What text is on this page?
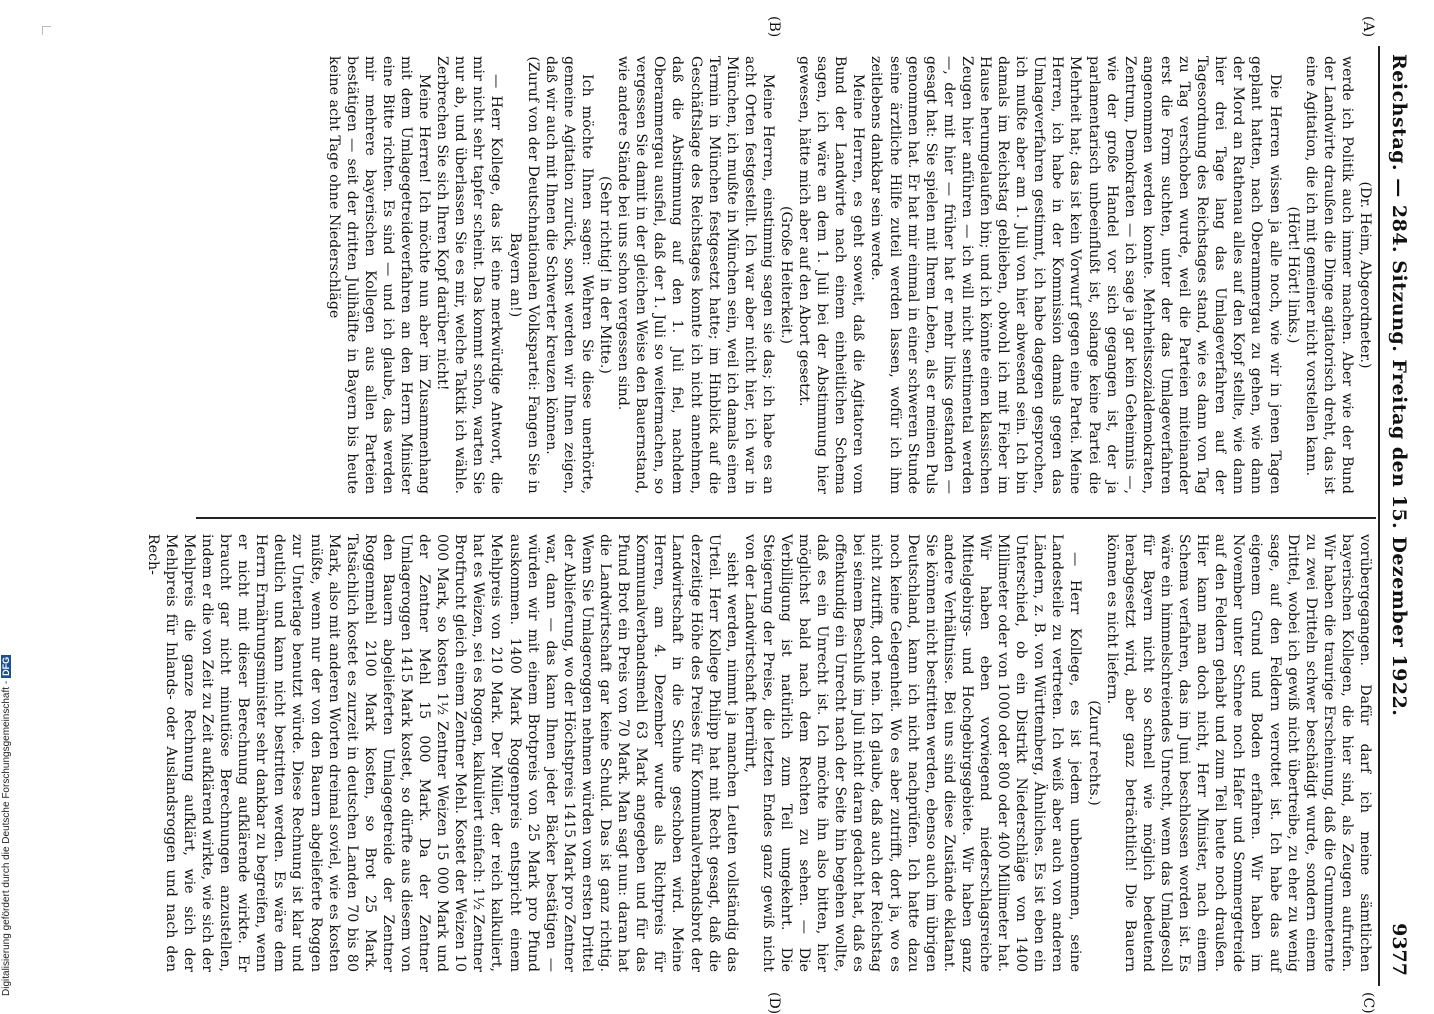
Reichstag. — 284. Sitzung. Freitag den 15. Dezember 1922.
9377
(A)
(B)
(C)
(D)

(Dr. Heim, Abgeordneter.)

werde ich Politik auch immer machen. Aber wie der Bund der Landwirte draußen die Dinge agitatorisch dreht, das ist eine Agitation, die ich mit gemeiner nicht vorstellen kann.

(Hört! Hört! links.)

Die Herren wissen ja alle noch, wie wir in jenen Tagen geplant hatten, nach Oberammergau zu gehen, wie dann der Mord an Rathenau alles auf den Kopf stellte, wie dann hier drei Tage lang das Umlageverfahren auf der Tagesordnung des Reichstages stand, wie es dann von Tag zu Tag verschoben wurde, weil die Parteien miteinander erst die Form suchten, unter der das Umlageverfahren angenommen werden konnte. Mehrheitssozialdemokraten, Zentrum, Demokraten — ich sage ja gar kein Geheimnis —, wie der große Handel vor sich gegangen ist, der ja parlamentarisch unbeeinflußt ist, solange keine Partei die Mehrheit hat; das ist kein Vorwurf gegen eine Partei. Meine Herren, ich habe in der Kommission damals gegen das Umlageverfahren gestimmt, ich habe dagegen gesprochen, ich mußte aber am 1. Juli von hier abwesend sein. Ich bin damals im Reichstag geblieben, obwohl ich mit Fieber im Hause herumgelaufen bin; und ich könnte einen klassischen Zeugen hier anführen — ich will nicht sentimental werden —, der mit hier — früher hat er mehr links gestanden — gesagt hat: Sie spielen mit Ihrem Leben, als er meinen Puls genommen hat. Er hat mir einmal in einer schweren Stunde seine ärztliche Hilfe zuteil werden lassen, wofür ich ihm zeitlebens dankbar sein werde.

Meine Herren, es geht soweit, daß die Agitatoren vom Bund der Landwirte nach einem einheitlichen Schema sagen, ich wäre an dem 1. Juli bei der Abstimmung hier gewesen, hätte mich aber auf den Abort gesetzt.

(Große Heiterkeit.)

Meine Herren, einstimmig sagen sie das; ich habe es an acht Orten festgestellt. Ich war aber nicht hier, ich war in München, ich mußte in München sein, weil ich damals einen Termin in München festgesetzt hatte; im Hinblick auf die Geschäftslage des Reichstages konnte ich nicht annehmen, daß die Abstimmung auf den 1. Juli fiel, nachdem Oberammergau ausfiel, daß der 1. Juli so weitermachen, so vergessen Sie damit in der gleichen Weise den Bauernstand, wie andere Stände bei uns schon vergessen sind.

(Sehr richtig! in der Mitte.)

Ich möchte Ihnen sagen: Wehren Sie diese unerhörte, gemeine Agitation zurück, sonst werden wir Ihnen zeigen, daß wir auch mit Ihnen die Schwerter kreuzen können.

(Zuruf von der Deutschnationalen Volkspartei: Fangen Sie in Bayern an!)

— Herr Kollege, das ist eine merkwürdige Antwort, die mir nicht sehr tapfer scheint. Das kommt schon, warten Sie nur ab, und überlassen Sie es mir, welche Taktik ich wähle. Zerbrechen Sie sich Ihren Kopf darüber nicht!

Meine Herren! Ich möchte nun aber im Zusammenhang mit dem Umlagegetreideverfahren an den Herrn Minister eine Bitte richten. Es sind — und ich glaube, das werden mir mehrere bayerischen Kollegen aus allen Parteien bestätigen — seit der dritten Julihälfte in Bayern bis heute keine acht Tage ohne Niederschläge

vorübergegangen. Dafür darf ich meine sämtlichen bayerischen Kollegen, die hier sind, als Zeugen aufrufen. Wir haben die traurige Erscheinung, daß die Grummeternte zu zwei Dritteln schwer beschädigt wurde, sondern einem Drittel, wobei ich gewiß nicht übertreibe, zu eher zu wenig sage, auf den Feldern verrottet ist. Ich habe das auf eigenem Grund und Boden erfahren. Wir haben im November unter Schnee noch Hafer und Sommergetreide auf den Feldern gehabt und zum Teil heute noch draußen. Hier kann man doch nicht, Herr Minister, nach einem Schema verfahren, das im Juni beschlossen worden ist. Es wäre ein himmelschreiendes Unrecht, wenn das Umlagesoll für Bayern nicht so schnell wie möglich bedeutend herabgesetzt wird, aber ganz beträchtlich! Die Bauern können es nicht liefern.

(Zuruf rechts.)

— Herr Kollege, es ist jedem unbenommen, seine Landesteile zu vertreten. Ich weiß aber auch von anderen Ländern, z. B. von Württemberg, Ähnliches. Es ist eben ein Unterschied, ob ein Distrikt Niederschläge von 1400 Millimeter oder von 1000 oder 800 oder 400 Millimeter hat. Wir haben eben vorwiegend niederschlagsreiche Mittelgebirgs- und Hochgebirgsgebiete. Wir haben ganz andere Verhältnisse. Bei uns sind diese Zustände eklatant. Sie können nicht bestritten werden, ebenso auch im übrigen Deutschland, kann ich nicht nachprüfen. Ich hatte dazu noch keine Gelegenheit. Wo es aber zutrifft, dort ja, wo es nicht zutrifft, dort nein. Ich glaube, daß auch der Reichstag bei seinem Beschluß im Juli nicht daran gedacht hat, daß es offenkundig ein Unrecht nach der Seite hin begehen wollte, daß es ein Unrecht ist. Ich möchte ihn also bitten, hier möglichst bald nach dem Rechten zu sehen. — Die Verbilligung ist natürlich zum Teil umgekehrt. Die Steigerung der Preise, die letzten Endes ganz gewiß nicht von der Landwirtschaft herrührt,

sieht werden, nimmt ja manchen Leuten vollständig das Urteil. Herr Kollege Philipp hat mit Recht gesagt, daß die derzeitige Höhe des Preises für Kommunalverbandsbrot der Landwirtschaft in die Schuhe geschoben wird. Meine Herren, am 4. Dezember wurde als Richtpreis für Kommunalverbandsmehl 63 Mark angegeben und für das Pfund Brot ein Preis von 70 Mark. Man sagt nun: daran hat die Landwirtschaft gar keine Schuld. Das ist ganz richtig. Wenn Sie Umlageroggen nehmen würden vom ersten Drittel der Ablieferung, wo der Höchstpreis 1415 Mark pro Zentner war, dann — das kann Ihnen jeder Bäcker bestätigen — würden wir mit einem Brotpreis von 25 Mark pro Pfund auskommen. 1400 Mark Roggenpreis entspricht einem Mehlpreis von 210 Mark. Der Müller, der reich kalkuliert, hat es Weizen, sei es Roggen, kalkuliert einfach: 1½ Zentner Brotfrucht gleich einem Zentner Mehl. Kostet der Weizen 10 000 Mark, so kosten 1½ Zentner Weizen 15 000 Mark und der Zentner Mehl 15 000 Mark. Da der Zentner Umlageroggen 1415 Mark kostet, so dürfte aus diesem von den Bauern abgelieferten Umlagegetreide der Zentner Roggenmehl 2100 Mark kosten, so Brot 25 Mark. Tatsächlich kostet es zurzeit in deutschen Landen 70 bis 80 Mark, also mit anderen Worten dreimal soviel, wie es kosten müßte, wenn nur der von den Bauern abgelieferte Roggen zur Unterlage benutzt würde. Diese Rechnung ist klar und deutlich und kann nicht bestritten werden. Es wäre dem Herrn Ernährungsminister sehr dankbar zu begreifen, wenn er nicht mit dieser Berechnung aufklärende wirkte. Er braucht gar nicht minutiöse Berechnungen anzustellen, indem er die von Zeit zu Zeit aufklärend wirkte, wie sich der Mehlpreis die ganze Rechnung aufklärt, wie sich der Mehlpreis für Inlands- oder Auslandsroggen und nach den Rech-

Digitalisierung gefördert durch die Deutsche Forschungsgemeinschaft -DFG
